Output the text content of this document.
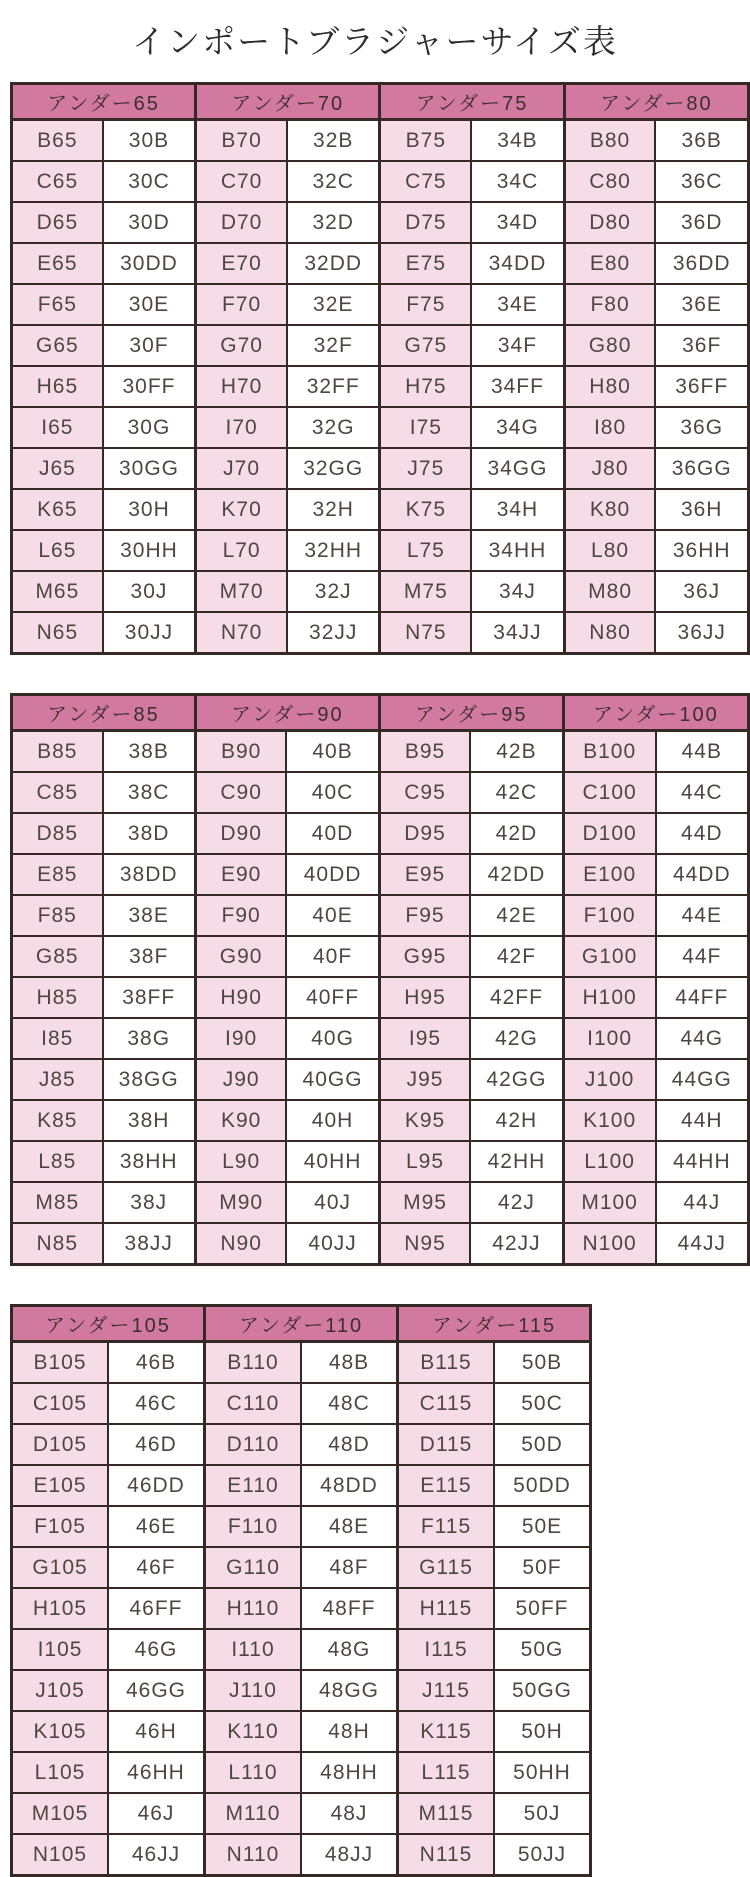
インポートブラジャーサイズ表
アンダー65		アンダー70		アンダー75		アンダー80	
B65	30B	B70	32B	B75	34B	B80	36B
C65	30C	C70	32C	C75	34C	C80	36C
D65	30D	D70	32D	D75	34D	D80	36D
E65	30DD	E70	32DD	E75	34DD	E80	36DD
F65	30E	F70	32E	F75	34E	F80	36E
G65	30F	G70	32F	G75	34F	G80	36F
H65	30FF	H70	32FF	H75	34FF	H80	36FF
I65	30G	I70	32G	I75	34G	I80	36G
J65	30GG	J70	32GG	J75	34GG	J80	36GG
K65	30H	K70	32H	K75	34H	K80	36H
L65	30HH	L70	32HH	L75	34HH	L80	36HH
M65	30J	M70	32J	M75	34J	M80	36J
N65	30JJ	N70	32JJ	N75	34JJ	N80	36JJ
アンダー85		アンダー90		アンダー95		アンダー100	
B85	38B	B90	40B	B95	42B	B100	44B
C85	38C	C90	40C	C95	42C	C100	44C
D85	38D	D90	40D	D95	42D	D100	44D
E85	38DD	E90	40DD	E95	42DD	E100	44DD
F85	38E	F90	40E	F95	42E	F100	44E
G85	38F	G90	40F	G95	42F	G100	44F
H85	38FF	H90	40FF	H95	42FF	H100	44FF
I85	38G	I90	40G	I95	42G	I100	44G
J85	38GG	J90	40GG	J95	42GG	J100	44GG
K85	38H	K90	40H	K95	42H	K100	44H
L85	38HH	L90	40HH	L95	42HH	L100	44HH
M85	38J	M90	40J	M95	42J	M100	44J
N85	38JJ	N90	40JJ	N95	42JJ	N100	44JJ
アンダー105		アンダー110		アンダー115	
B105	46B	B110	48B	B115	50B
C105	46C	C110	48C	C115	50C
D105	46D	D110	48D	D115	50D
E105	46DD	E110	48DD	E115	50DD
F105	46E	F110	48E	F115	50E
G105	46F	G110	48F	G115	50F
H105	46FF	H110	48FF	H115	50FF
I105	46G	I110	48G	I115	50G
J105	46GG	J110	48GG	J115	50GG
K105	46H	K110	48H	K115	50H
L105	46HH	L110	48HH	L115	50HH
M105	46J	M110	48J	M115	50J
N105	46JJ	N110	48JJ	N115	50JJ
